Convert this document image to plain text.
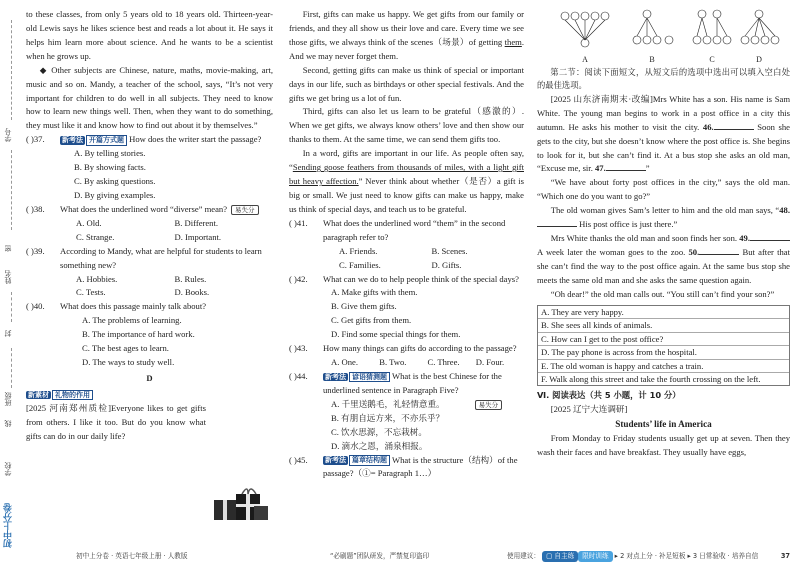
学号
密
姓名
封
班级
线
学校
初中上分卷

to these classes, from only 5 years old to 18 years old. Thirteen-year-old Lewis says he likes science best and reads a lot about it. He says it helps him learn more about science. And he wants to be a scientist when he grows up.

◆ Other subjects are Chinese, nature, maths, movie-making, art, music and so on. Mandy, a teacher of the school, says, “It’s not very important for children to do well in all subjects. They need to know how to learn new things well. Then, when they want to do something, they must like it and know how to find out about it by themselves.”

( )37.	新考法 开篇方式题 How does the writer start the passage?
A. By telling stories.
B. By showing facts.
C. By asking questions.
D. By giving examples.
( )38.	What does the underlined word “diverse” mean? 易失分
A. Old.	B. Different.
C. Strange.	D. Important.
( )39.	According to Mandy, what are helpful for students to learn something new?
A. Hobbies.	B. Rules.
C. Tests.	D. Books.
( )40.	What does this passage mainly talk about?
A. The problems of learning.
B. The importance of hard work.
C. The best ages to learn.
D. The ways to study well.
D
新素材 礼物的作用

[2025 河南郑州质检]Everyone likes to get gifts from others. I like it too. But do you know what gifts can do in our daily life?

First, gifts can make us happy. We get gifts from our family or friends, and they all show us their love and care. Every time we see those gifts, we always think of the scenes（场景）of getting them. And we may never forget them.

Second, getting gifts can make us think of special or important days in our life, such as birthdays or other special festivals. And the gifts we get bring us a lot of fun.

Third, gifts can also let us learn to be grateful（感激的）. When we get gifts, we always know others’ love and then show our thanks to them. At the same time, we can send them gifts too.

In a word, gifts are important in our life. As people often say, “Sending goose feathers from thousands of miles, with a light gift but heavy affection.” Never think about whether（是否）a gift is big or small. We just need to know gifts can make us happy, make us think of special days, and teach us to be grateful.

( )41.	What does the underlined word “them” in the second paragraph refer to?
A. Friends.	B. Scenes.
C. Families.	D. Gifts.
( )42.	What can we do to help people think of the special days?
A. Make gifts with them.
B. Give them gifts.
C. Get gifts from them.
D. Find some special things for them.
( )43.	How many things can gifts do according to the passage?
A. One.	B. Two.	C. Three.	D. Four.
( )44.	新考法 谚语猜测题 What is the best Chinese for the underlined sentence in Paragraph Five?
A. 千里送鹅毛，礼轻情意重。	易失分
B. 有朋自远方来，不亦乐乎？
C. 饮水思源，不忘栽树。
D. 滴水之恩，涌泉相报。
( )45.	新考法 篇章结构题 What is the structure（结构）of the passage?（①= Paragraph 1…）
A	B	C	D

第二节：阅读下面短文，从短文后的选项中选出可以填入空白处的最佳选项。

[2025 山东济南期末·改编]Mrs White has a son. His name is Sam White. The young man begins to work in a post office in a city this autumn. He asks his mother to visit the city. 46.	Soon she gets to the city, but she doesn’t know where the post office is. She begins to look for it, but she can’t find it. At a bus stop she asks an old man, “Excuse me, sir. 47.	”

“We have about forty post offices in the city,” says the old man. “Which one do you want to go?”

The old woman gives Sam’s letter to him and the old man says, “48. His post office is just there.”

Mrs White thanks the old man and soon finds her son. 49. A week later the woman goes to the zoo. 50.	But after that she can’t find the way to the post office again. At the same bus stop she meets the same old man and she asks the same question again.

“Oh dear!” the old man calls out. “You still can’t find your son?”

A. They are very happy.
B. She sees all kinds of animals.
C. How can I get to the post office?
D. The pay phone is across from the hospital.
E. The old woman is happy and catches a train.
F. Walk along this street and take the fourth crossing on the left.
Ⅵ. 阅读表达（共 5 小题，计 10 分）
[2025 辽宁大连调研]
Students’ life in America

From Monday to Friday students usually get up at seven. Then they wash their faces and have breakfast. They usually have eggs,

初中上分卷 · 英语七年级上册 · 人教版	“必刷题”团队研发，严禁复印盗印	使用建议： ▢ 自主练 限时训练 ▸ 2 对点上分 · 补足短板 ▸ 3 日常验收 · 培养自信	37
